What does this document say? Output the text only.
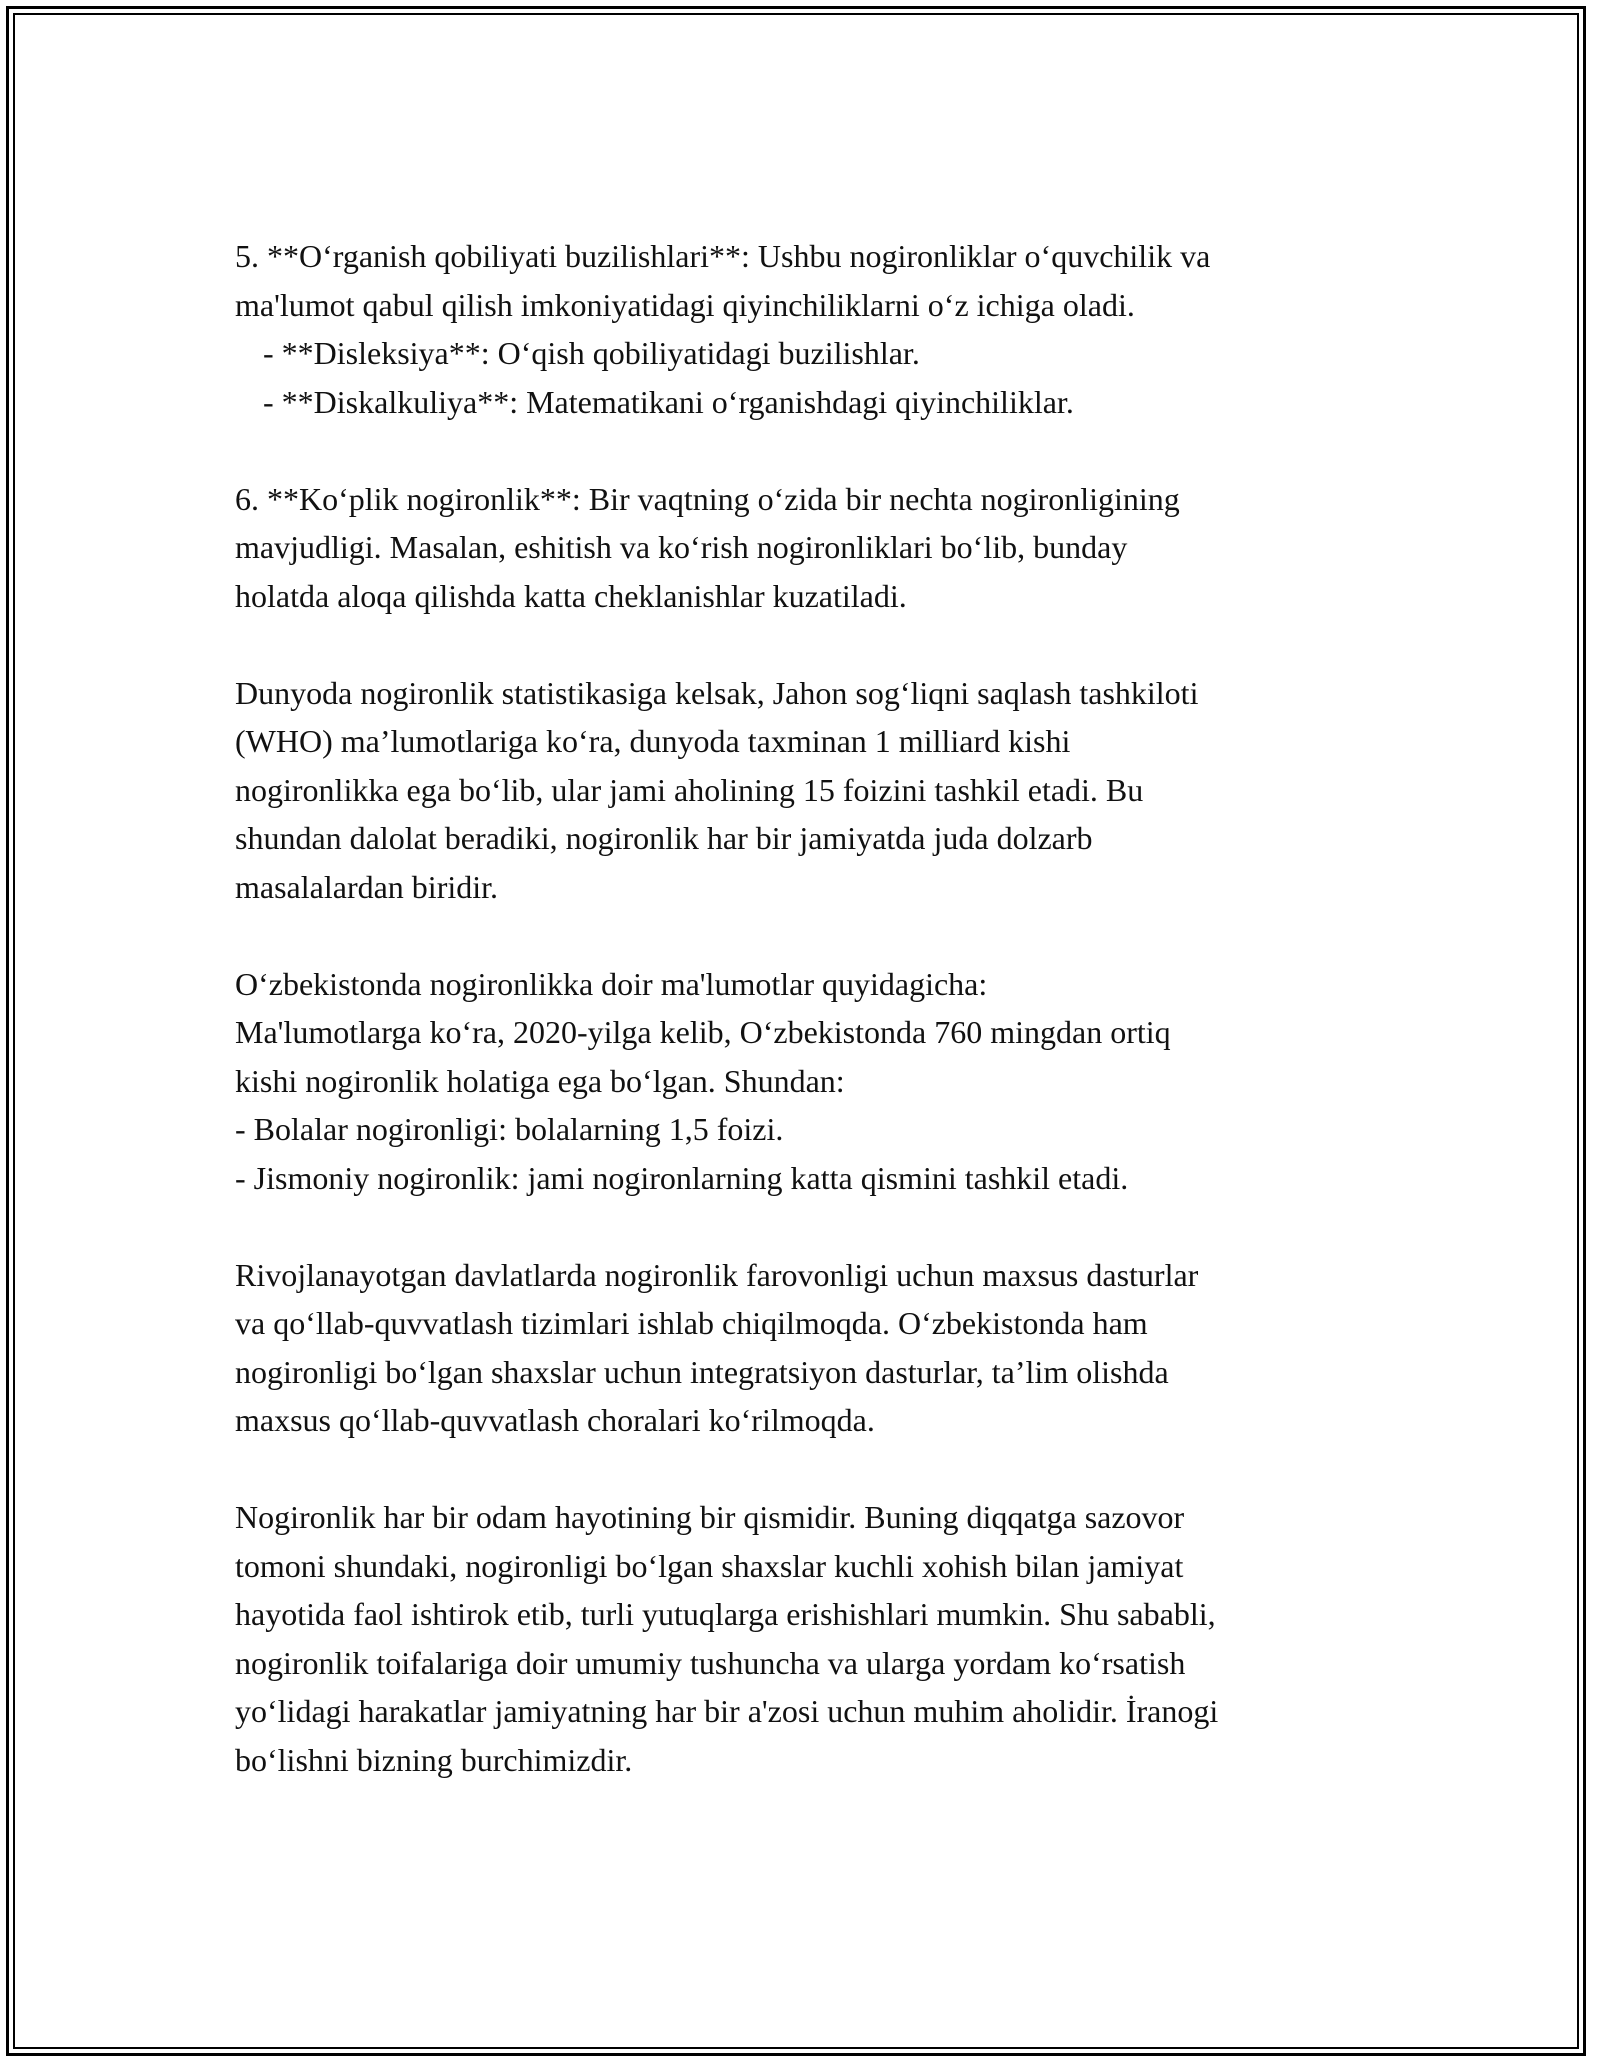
5. **O‘rganish qobiliyati buzilishlari**: Ushbu nogironliklar o‘quvchilik va
ma'lumot qabul qilish imkoniyatidagi qiyinchiliklarni o‘z ichiga oladi.
- **Disleksiya**: O‘qish qobiliyatidagi buzilishlar.
- **Diskalkuliya**: Matematikani o‘rganishdagi qiyinchiliklar.
6. **Ko‘plik nogironlik**: Bir vaqtning o‘zida bir nechta nogironligining
mavjudligi. Masalan, eshitish va ko‘rish nogironliklari bo‘lib, bunday
holatda aloqa qilishda katta cheklanishlar kuzatiladi.
Dunyoda nogironlik statistikasiga kelsak, Jahon sog‘liqni saqlash tashkiloti
(WHO) ma’lumotlariga ko‘ra, dunyoda taxminan 1 milliard kishi
nogironlikka ega bo‘lib, ular jami aholining 15 foizini tashkil etadi. Bu
shundan dalolat beradiki, nogironlik har bir jamiyatda juda dolzarb
masalalardan biridir.
O‘zbekistonda nogironlikka doir ma'lumotlar quyidagicha:
Ma'lumotlarga ko‘ra, 2020-yilga kelib, O‘zbekistonda 760 mingdan ortiq
kishi nogironlik holatiga ega bo‘lgan. Shundan:
- Bolalar nogironligi: bolalarning 1,5 foizi.
- Jismoniy nogironlik: jami nogironlarning katta qismini tashkil etadi.
Rivojlanayotgan davlatlarda nogironlik farovonligi uchun maxsus dasturlar
va qo‘llab-quvvatlash tizimlari ishlab chiqilmoqda. O‘zbekistonda ham
nogironligi bo‘lgan shaxslar uchun integratsiyon dasturlar, ta’lim olishda
maxsus qo‘llab-quvvatlash choralari ko‘rilmoqda.
Nogironlik har bir odam hayotining bir qismidir. Buning diqqatga sazovor
tomoni shundaki, nogironligi bo‘lgan shaxslar kuchli xohish bilan jamiyat
hayotida faol ishtirok etib, turli yutuqlarga erishishlari mumkin. Shu sababli,
nogironlik toifalariga doir umumiy tushuncha va ularga yordam ko‘rsatish
yo‘lidagi harakatlar jamiyatning har bir a'zosi uchun muhim aholidir. İranogi
bo‘lishni bizning burchimizdir.
